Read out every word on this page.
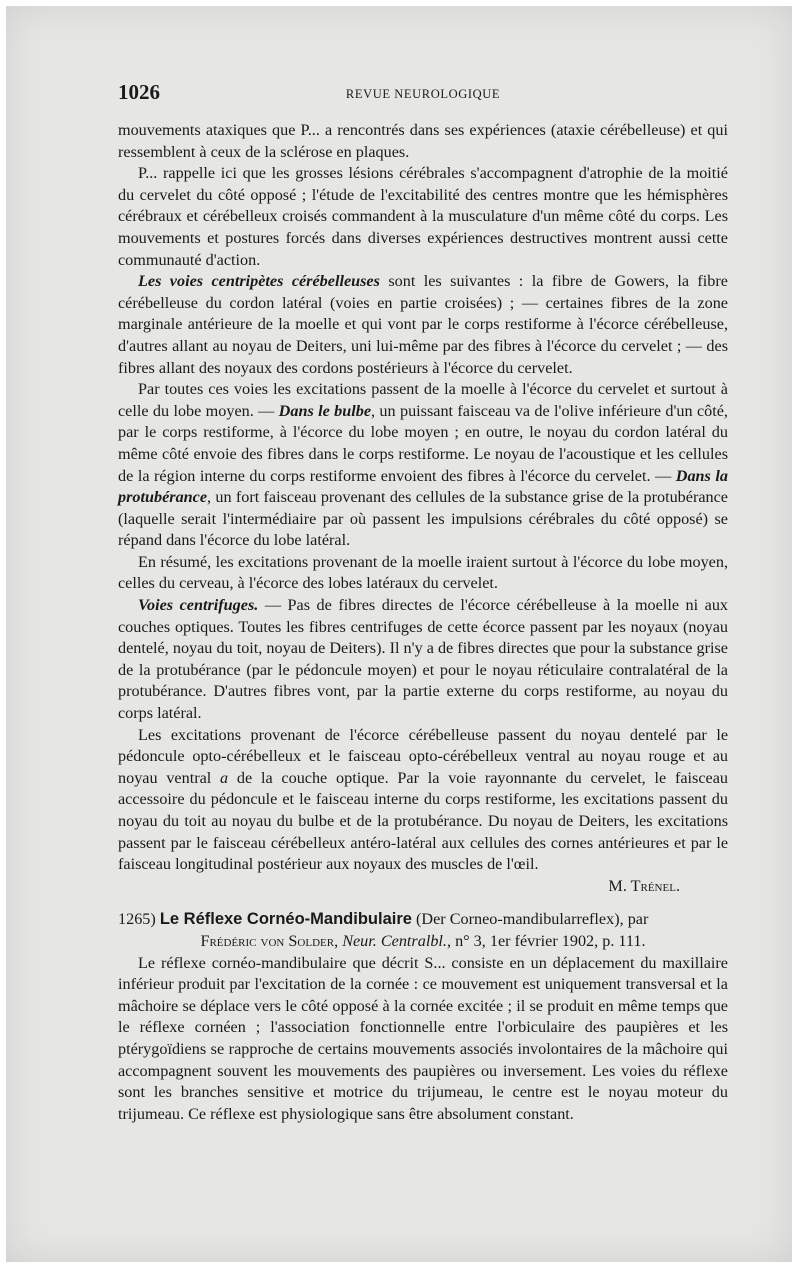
1026	REVUE NEUROLOGIQUE

mouvements ataxiques que P... a rencontrés dans ses expériences (ataxie cérébelleuse) et qui ressemblent à ceux de la sclérose en plaques.

P... rappelle ici que les grosses lésions cérébrales s'accompagnent d'atrophie de la moitié du cervelet du côté opposé ; l'étude de l'excitabilité des centres montre que les hémisphères cérébraux et cérébelleux croisés commandent à la musculature d'un même côté du corps. Les mouvements et postures forcés dans diverses expériences destructives montrent aussi cette communauté d'action.

Les voies centripètes cérébelleuses sont les suivantes : la fibre de Gowers, la fibre cérébelleuse du cordon latéral (voies en partie croisées) ; — certaines fibres de la zone marginale antérieure de la moelle et qui vont par le corps restiforme à l'écorce cérébelleuse, d'autres allant au noyau de Deiters, uni lui-même par des fibres à l'écorce du cervelet ; — des fibres allant des noyaux des cordons postérieurs à l'écorce du cervelet.

Par toutes ces voies les excitations passent de la moelle à l'écorce du cervelet et surtout à celle du lobe moyen. — Dans le bulbe, un puissant faisceau va de l'olive inférieure d'un côté, par le corps restiforme, à l'écorce du lobe moyen ; en outre, le noyau du cordon latéral du même côté envoie des fibres dans le corps restiforme. Le noyau de l'acoustique et les cellules de la région interne du corps restiforme envoient des fibres à l'écorce du cervelet. — Dans la protubérance, un fort faisceau provenant des cellules de la substance grise de la protubérance (laquelle serait l'intermédiaire par où passent les impulsions cérébrales du côté opposé) se répand dans l'écorce du lobe latéral.

En résumé, les excitations provenant de la moelle iraient surtout à l'écorce du lobe moyen, celles du cerveau, à l'écorce des lobes latéraux du cervelet.

Voies centrifuges. — Pas de fibres directes de l'écorce cérébelleuse à la moelle ni aux couches optiques. Toutes les fibres centrifuges de cette écorce passent par les noyaux (noyau dentelé, noyau du toit, noyau de Deiters). Il n'y a de fibres directes que pour la substance grise de la protubérance (par le pédoncule moyen) et pour le noyau réticulaire contralatéral de la protubérance. D'autres fibres vont, par la partie externe du corps restiforme, au noyau du corps latéral.

Les excitations provenant de l'écorce cérébelleuse passent du noyau dentelé par le pédoncule opto-cérébelleux et le faisceau opto-cérébelleux ventral au noyau rouge et au noyau ventral a de la couche optique. Par la voie rayonnante du cervelet, le faisceau accessoire du pédoncule et le faisceau interne du corps restiforme, les excitations passent du noyau du toit au noyau du bulbe et de la protubérance. Du noyau de Deiters, les excitations passent par le faisceau cérébelleux antéro-latéral aux cellules des cornes antérieures et par le faisceau longitudinal postérieur aux noyaux des muscles de l'œil.

M. Trénel.

1265) Le Réflexe Cornéo-Mandibulaire (Der Corneo-mandibularreflex), par

Frédéric von Solder, Neur. Centralbl., n° 3, 1er février 1902, p. 111.

Le réflexe cornéo-mandibulaire que décrit S... consiste en un déplacement du maxillaire inférieur produit par l'excitation de la cornée : ce mouvement est uniquement transversal et la mâchoire se déplace vers le côté opposé à la cornée excitée ; il se produit en même temps que le réflexe cornéen ; l'association fonctionnelle entre l'orbiculaire des paupières et les ptérygoïdiens se rapproche de certains mouvements associés involontaires de la mâchoire qui accompagnent souvent les mouvements des paupières ou inversement. Les voies du réflexe sont les branches sensitive et motrice du trijumeau, le centre est le noyau moteur du trijumeau. Ce réflexe est physiologique sans être absolument constant.
